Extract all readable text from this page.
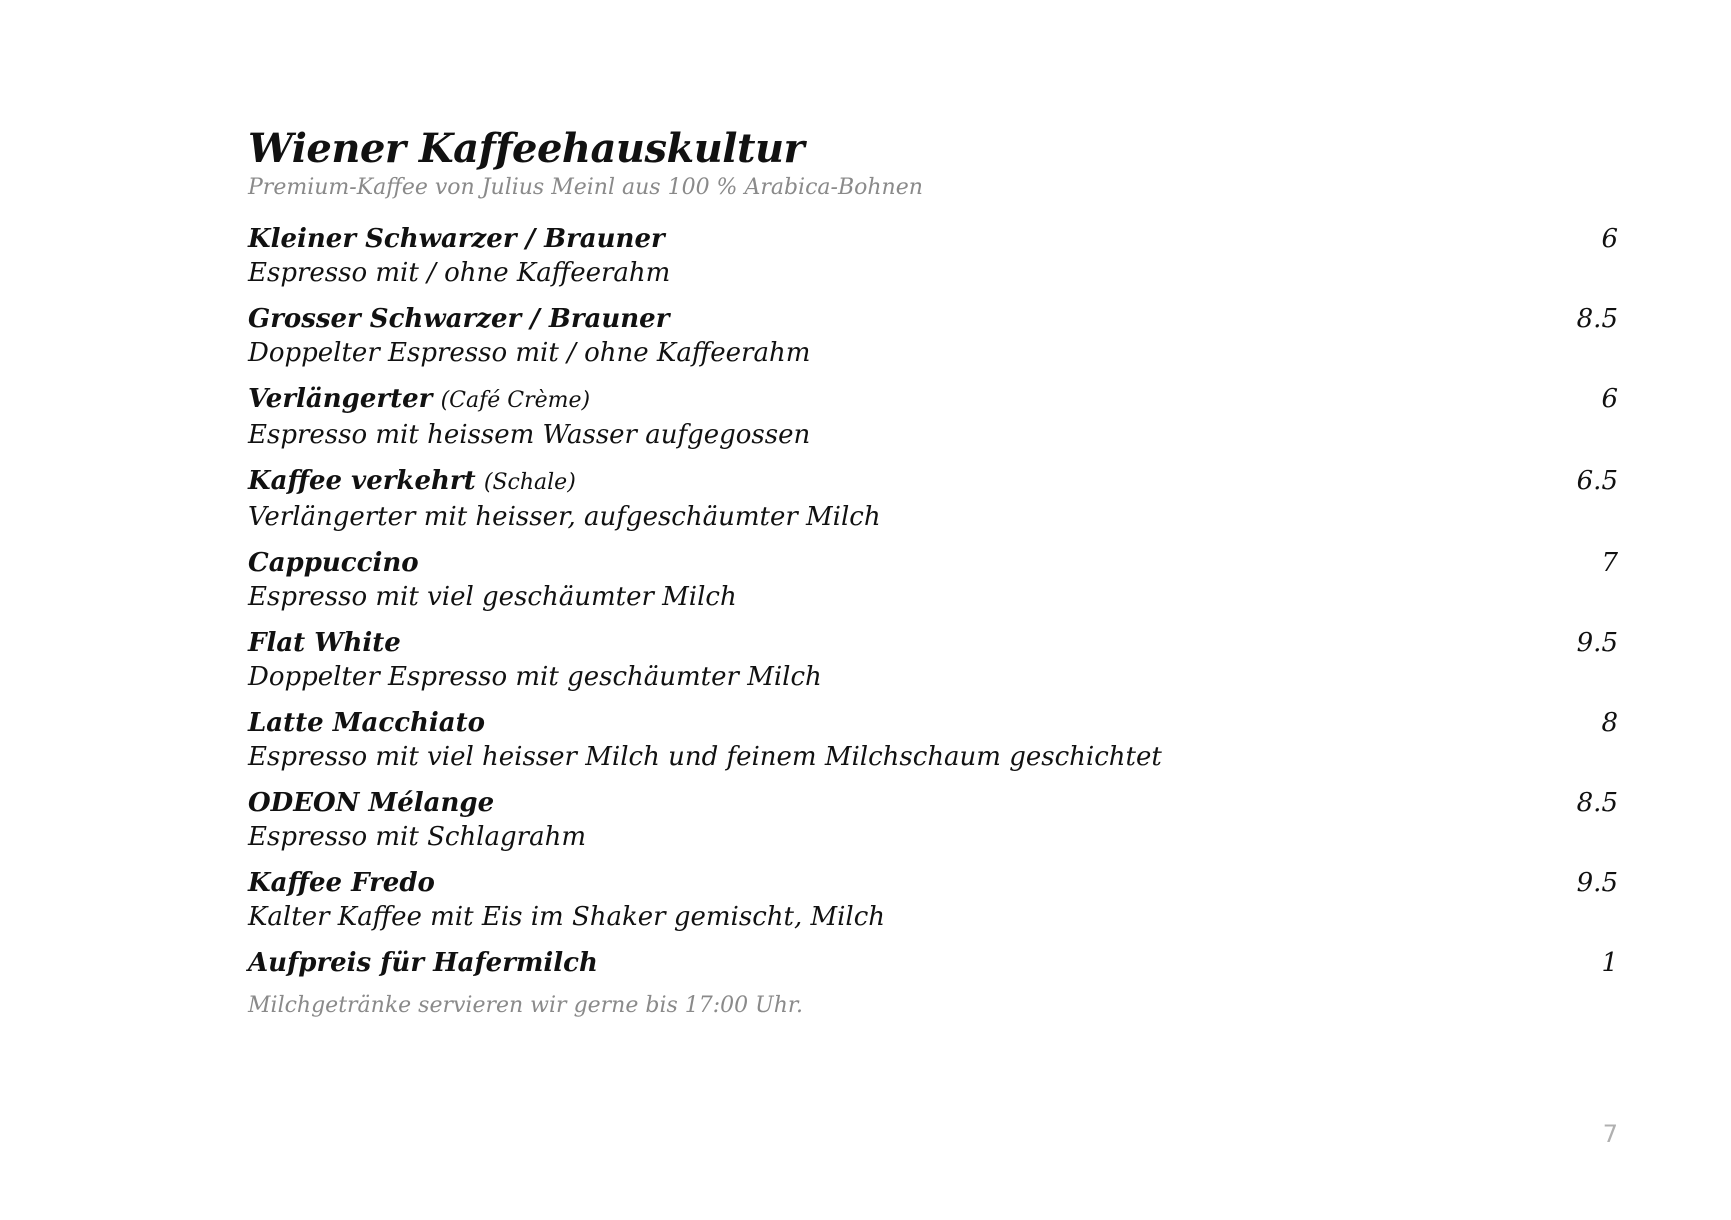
Wiener Kaffeehauskultur

Premium-Kaffee von Julius Meinl aus 100 % Arabica-Bohnen

Kleiner Schwarzer / Brauner
Espresso mit / ohne Kaffeerahm
6
Grosser Schwarzer / Brauner
Doppelter Espresso mit / ohne Kaffeerahm
8.5
Verlängerter (Café Crème)
Espresso mit heissem Wasser aufgegossen
6
Kaffee verkehrt (Schale)
Verlängerter mit heisser, aufgeschäumter Milch
6.5
Cappuccino
Espresso mit viel geschäumter Milch
7
Flat White
Doppelter Espresso mit geschäumter Milch
9.5
Latte Macchiato
Espresso mit viel heisser Milch und feinem Milchschaum geschichtet
8
ODEON Mélange
Espresso mit Schlagrahm
8.5
Kaffee Fredo
Kalter Kaffee mit Eis im Shaker gemischt, Milch
9.5
Aufpreis für Hafermilch	1
Milchgetränke servieren wir gerne bis 17:00 Uhr.
7
